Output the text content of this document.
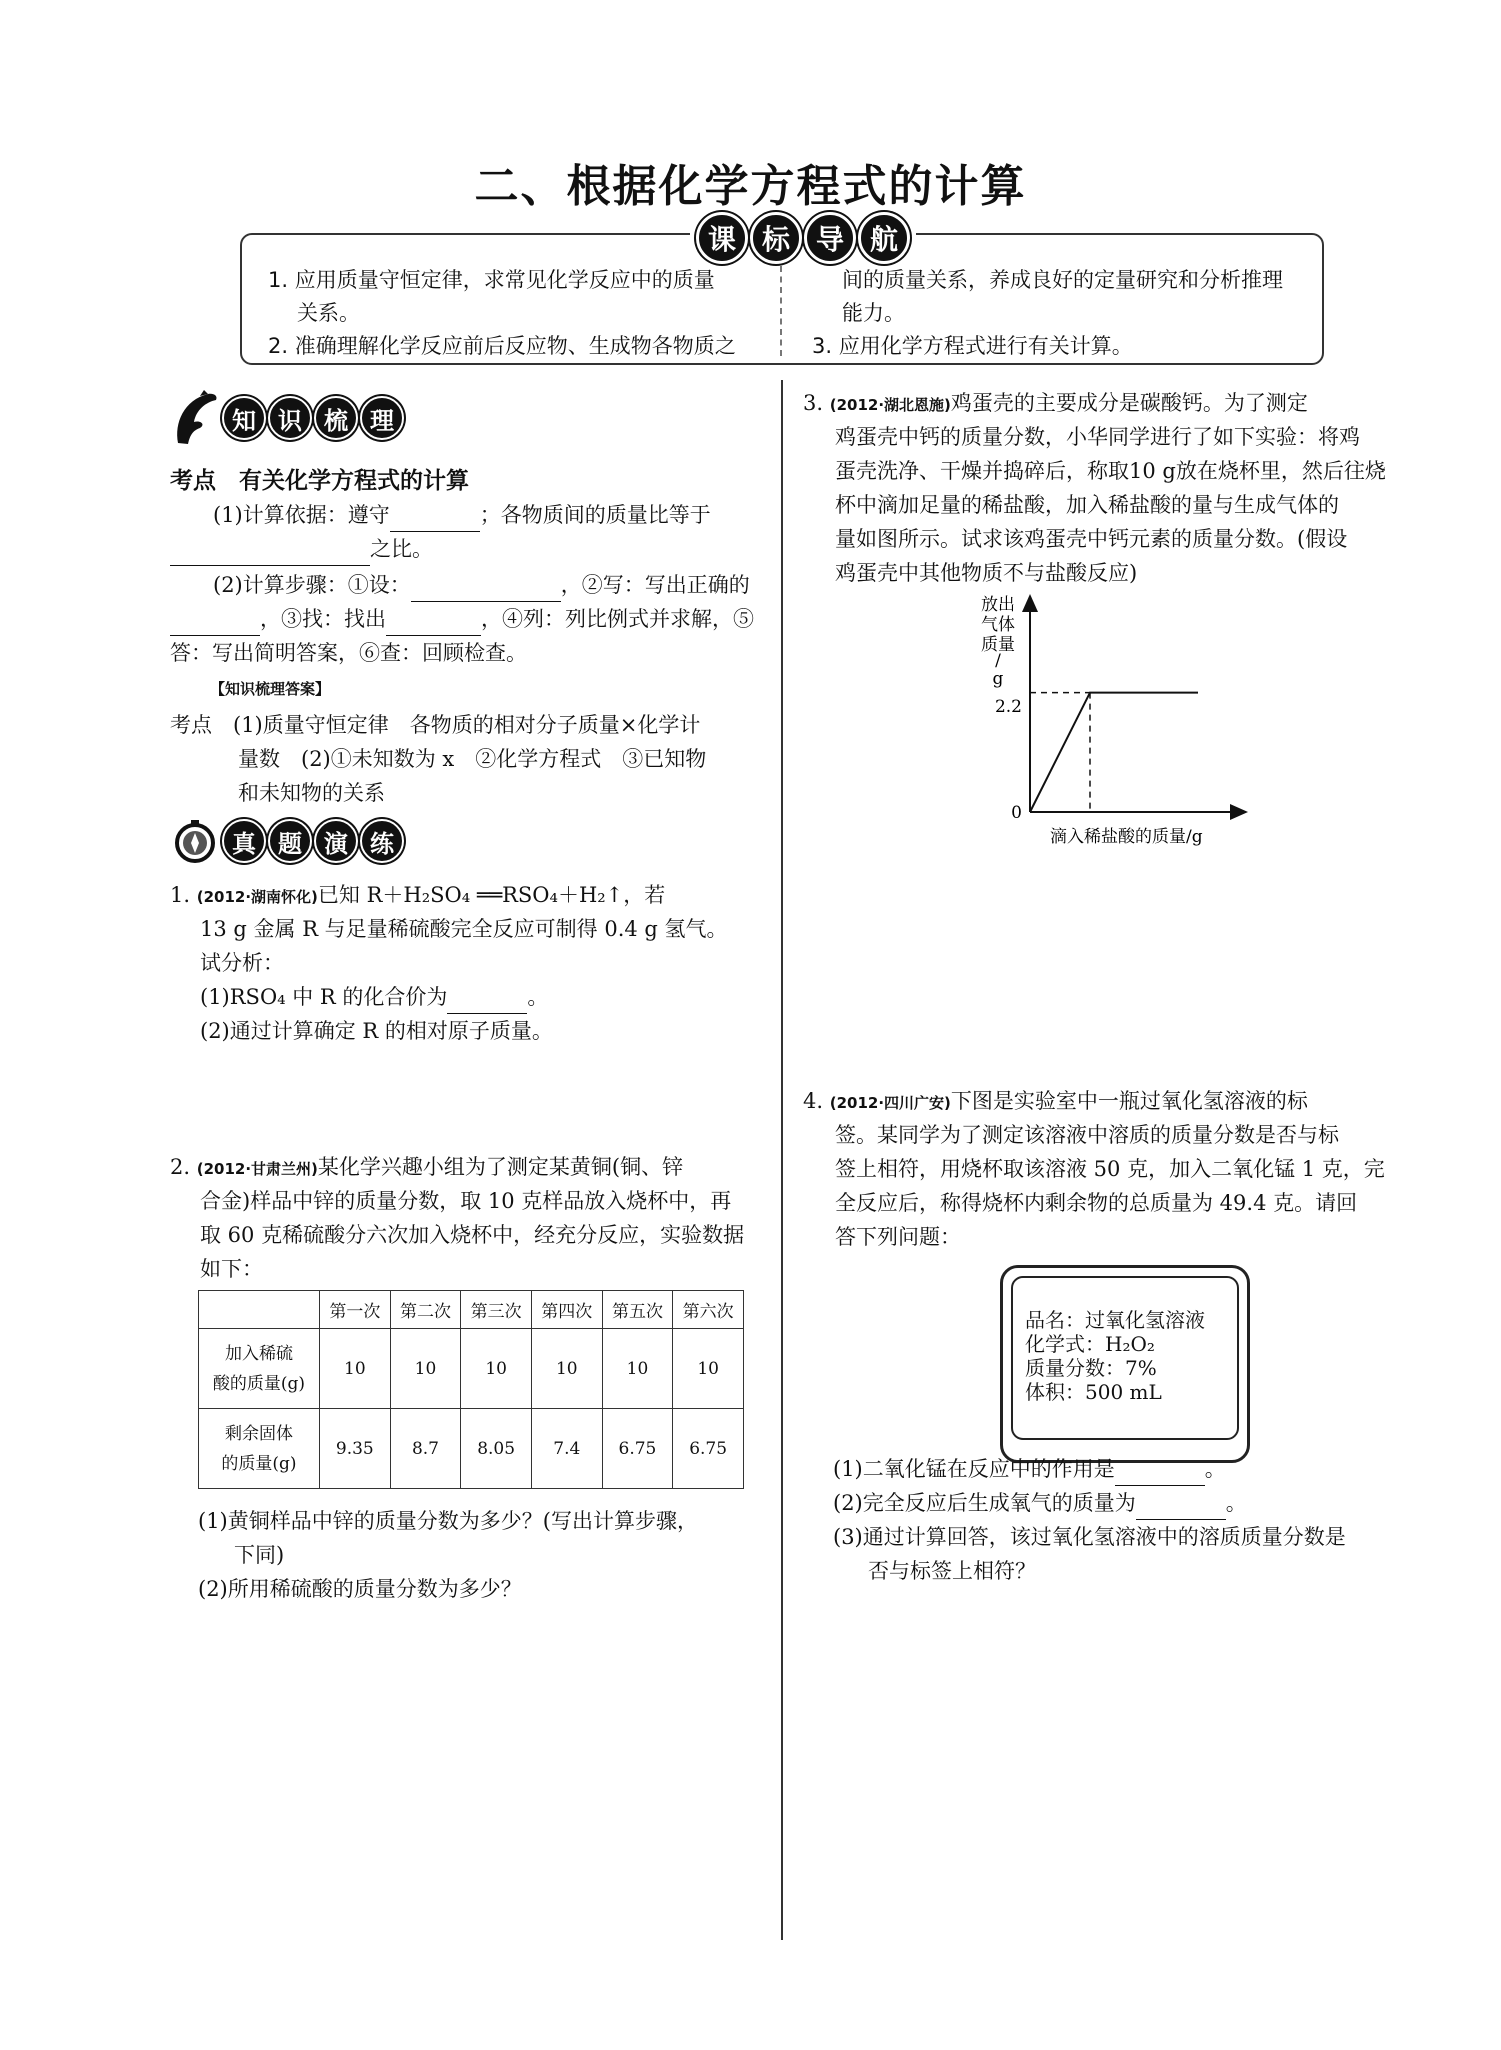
二、根据化学方程式的计算
课 标 导 航
1. 应用质量守恒定律，求常见化学反应中的质量
关系。
2. 准确理解化学反应前后反应物、生成物各物质之
间的质量关系，养成良好的定量研究和分析推理
能力。
3. 应用化学方程式进行有关计算。
知 识 梳 理
考点　有关化学方程式的计算
(1)计算依据：遵守	；各物质间的质量比等于
之比。
(2)计算步骤：①设：	，②写：写出正确的
，③找：找出	，④列：列比例式并求解，⑤
答：写出简明答案，⑥查：回顾检查。
【知识梳理答案】
考点　(1)质量守恒定律　各物质的相对分子质量×化学计
量数　(2)①未知数为 x　②化学方程式　③已知物
和未知物的关系
真 题 演 练
1. (2012·湖南怀化)已知 R＋H₂SO₄ ══RSO₄＋H₂↑，若
13 g 金属 R 与足量稀硫酸完全反应可制得 0.4 g 氢气。
试分析：
(1)RSO₄ 中 R 的化合价为	。
(2)通过计算确定 R 的相对原子质量。
2. (2012·甘肃兰州)某化学兴趣小组为了测定某黄铜(铜、锌
合金)样品中锌的质量分数，取 10 克样品放入烧杯中，再
取 60 克稀硫酸分六次加入烧杯中，经充分反应，实验数据
如下：
	第一次	第二次	第三次	第四次	第五次	第六次
加入稀硫
酸的质量(g)	10	10	10	10	10	10
剩余固体
的质量(g)	9.35	8.7	8.05	7.4	6.75	6.75
(1)黄铜样品中锌的质量分数为多少？(写出计算步骤，
下同)
(2)所用稀硫酸的质量分数为多少？
3. (2012·湖北恩施)鸡蛋壳的主要成分是碳酸钙。为了测定
鸡蛋壳中钙的质量分数，小华同学进行了如下实验：将鸡
蛋壳洗净、干燥并捣碎后，称取10 g放在烧杯里，然后往烧
杯中滴加足量的稀盐酸，加入稀盐酸的量与生成气体的
量如图所示。试求该鸡蛋壳中钙元素的质量分数。(假设
鸡蛋壳中其他物质不与盐酸反应)
放出
气体
质量
/
g
2.2
0
滴入稀盐酸的质量/g
4. (2012·四川广安)下图是实验室中一瓶过氧化氢溶液的标
签。某同学为了测定该溶液中溶质的质量分数是否与标
签上相符，用烧杯取该溶液 50 克，加入二氧化锰 1 克，完
全反应后，称得烧杯内剩余物的总质量为 49.4 克。请回
答下列问题：
品名：过氧化氢溶液
化学式：H₂O₂
质量分数：7%
体积：500 mL
(1)二氧化锰在反应中的作用是	。
(2)完全反应后生成氧气的质量为	。
(3)通过计算回答，该过氧化氢溶液中的溶质质量分数是
否与标签上相符？
